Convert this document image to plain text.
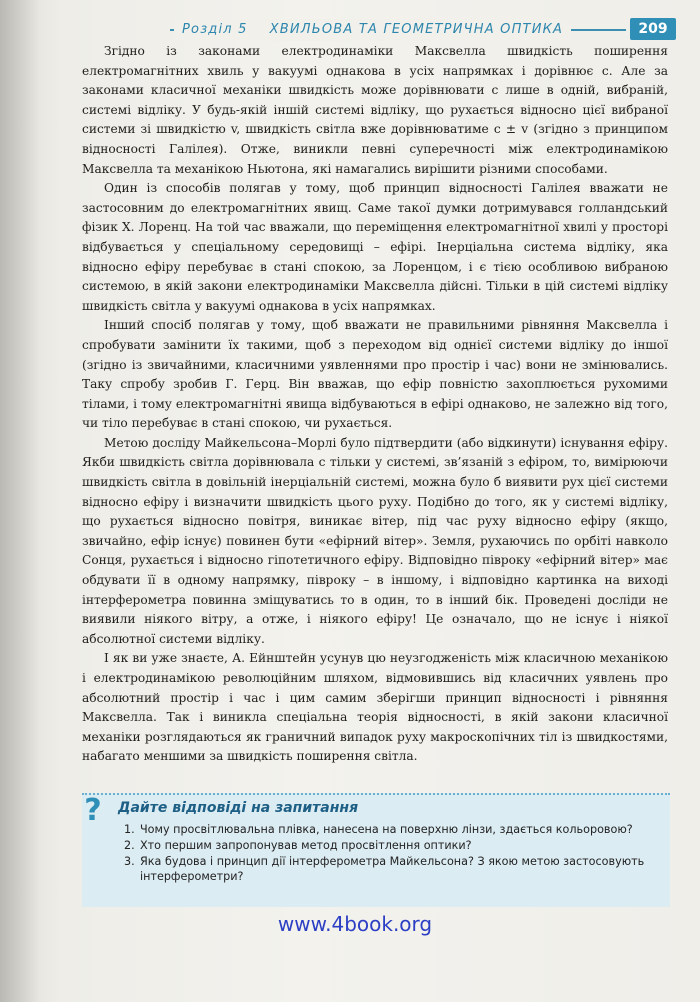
Розділ 5 ХВИЛЬОВА ТА ГЕОМЕТРИЧНА ОПТИКА	209

Згідно із законами електродинаміки Максвелла швидкість поширення електромагнітних хвиль у вакуумі однакова в усіх напрямках і дорівнює c. Але за законами класичної механіки швидкість може дорівнювати c лише в одній, вибраній, системі відліку. У будь-якій іншій системі відліку, що рухається відносно цієї вибраної системи зі швидкістю v, швидкість світла вже дорівнюватиме c ± v (згідно з принципом відносності Галілея). Отже, виникли певні суперечності між електродинамікою Максвелла та механікою Ньютона, які намагались вирішити різними способами.

Один із способів полягав у тому, щоб принцип відносності Галілея вважати не застосовним до електромагнітних явищ. Саме такої думки дотримувався голландський фізик Х. Лоренц. На той час вважали, що переміщення електромагнітної хвилі у просторі відбувається у спеціальному середовищі – ефірі. Інерціальна система відліку, яка відносно ефіру перебуває в стані спокою, за Лоренцом, і є тією особливою вибраною системою, в якій закони електродинаміки Максвелла дійсні. Тільки в цій системі відліку швидкість світла у вакуумі однакова в усіх напрямках.

Інший спосіб полягав у тому, щоб вважати не правильними рівняння Максвелла і спробувати замінити їх такими, щоб з переходом від однієї системи відліку до іншої (згідно із звичайними, класичними уявленнями про простір і час) вони не змінювались. Таку спробу зробив Г. Герц. Він вважав, що ефір повністю захоплюється рухомими тілами, і тому електромагнітні явища відбуваються в ефірі однаково, не залежно від того, чи тіло перебуває в стані спокою, чи рухається.

Метою досліду Майкельсона–Морлі було підтвердити (або відкинути) існування ефіру. Якби швидкість світла дорівнювала c тільки у системі, зв’язаній з ефіром, то, вимірюючи швидкість світла в довільній інерціальній системі, можна було б виявити рух цієї системи відносно ефіру і визначити швидкість цього руху. Подібно до того, як у системі відліку, що рухається відносно повітря, виникає вітер, під час руху відносно ефіру (якщо, звичайно, ефір існує) повинен бути «ефірний вітер». Земля, рухаючись по орбіті навколо Сонця, рухається і відносно гіпотетичного ефіру. Відповідно півроку «ефірний вітер» має обдувати її в одному напрямку, півроку – в іншому, і відповідно картинка на виході інтерферометра повинна зміщуватись то в один, то в інший бік. Проведені досліди не виявили ніякого вітру, а отже, і ніякого ефіру! Це означало, що не існує і ніякої абсолютної системи відліку.

І як ви уже знаєте, А. Ейнштейн усунув цю неузгодженість між класичною механікою і електродинамікою революційним шляхом, відмовившись від класичних уявлень про абсолютний простір і час і цим самим зберігши принцип відносності і рівняння Максвелла. Так і виникла спеціальна теорія відносності, в якій закони класичної механіки розглядаються як граничний випадок руху макроскопічних тіл із швидкостями, набагато меншими за швидкість поширення світла.

?	Дайте відповіді на запитання
1. Чому просвітлювальна плівка, нанесена на поверхню лінзи, здається кольоровою?
2. Хто першим запропонував метод просвітлення оптики?
3. Яка будова і принцип дії інтерферометра Майкельсона? З якою метою застосовують інтерферометри?
www.4book.org
